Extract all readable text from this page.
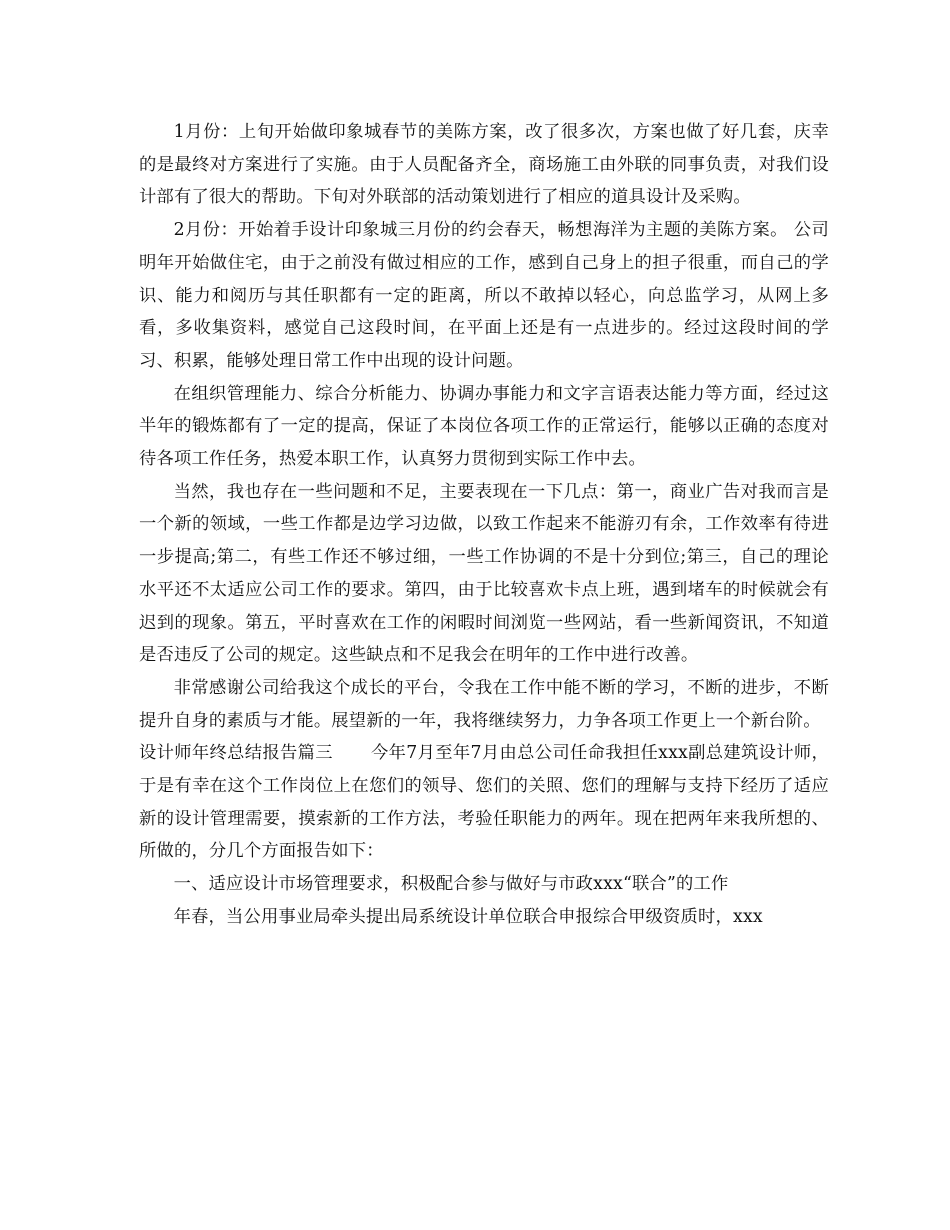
1月份：上旬开始做印象城春节的美陈方案，改了很多次，方案也做了好几套，庆幸的是最终对方案进行了实施。由于人员配备齐全，商场施工由外联的同事负责，对我们设计部有了很大的帮助。下旬对外联部的活动策划进行了相应的道具设计及采购。

2月份：开始着手设计印象城三月份的约会春天，畅想海洋为主题的美陈方案。 公司明年开始做住宅，由于之前没有做过相应的工作，感到自己身上的担子很重，而自己的学识、能力和阅历与其任职都有一定的距离，所以不敢掉以轻心，向总监学习，从网上多看，多收集资料，感觉自己这段时间，在平面上还是有一点进步的。经过这段时间的学习、积累，能够处理日常工作中出现的设计问题。

在组织管理能力、综合分析能力、协调办事能力和文字言语表达能力等方面，经过这半年的锻炼都有了一定的提高，保证了本岗位各项工作的正常运行，能够以正确的态度对待各项工作任务，热爱本职工作，认真努力贯彻到实际工作中去。

当然，我也存在一些问题和不足，主要表现在一下几点：第一，商业广告对我而言是一个新的领域，一些工作都是边学习边做，以致工作起来不能游刃有余，工作效率有待进一步提高;第二，有些工作还不够过细，一些工作协调的不是十分到位;第三，自己的理论水平还不太适应公司工作的要求。第四，由于比较喜欢卡点上班，遇到堵车的时候就会有迟到的现象。第五，平时喜欢在工作的闲暇时间浏览一些网站，看一些新闻资讯，不知道是否违反了公司的规定。这些缺点和不足我会在明年的工作中进行改善。

非常感谢公司给我这个成长的平台，令我在工作中能不断的学习，不断的进步，不断提升自身的素质与才能。展望新的一年，我将继续努力，力争各项工作更上一个新台阶。

设计师年终总结报告篇三 今年7月至年7月由总公司任命我担任xxx副总建筑设计师，于是有幸在这个工作岗位上在您们的领导、您们的关照、您们的理解与支持下经历了适应新的设计管理需要，摸索新的工作方法，考验任职能力的两年。现在把两年来我所想的、所做的，分几个方面报告如下：

一、适应设计市场管理要求，积极配合参与做好与市政xxx“联合”的工作

年春，当公用事业局牵头提出局系统设计单位联合申报综合甲级资质时，xxx
